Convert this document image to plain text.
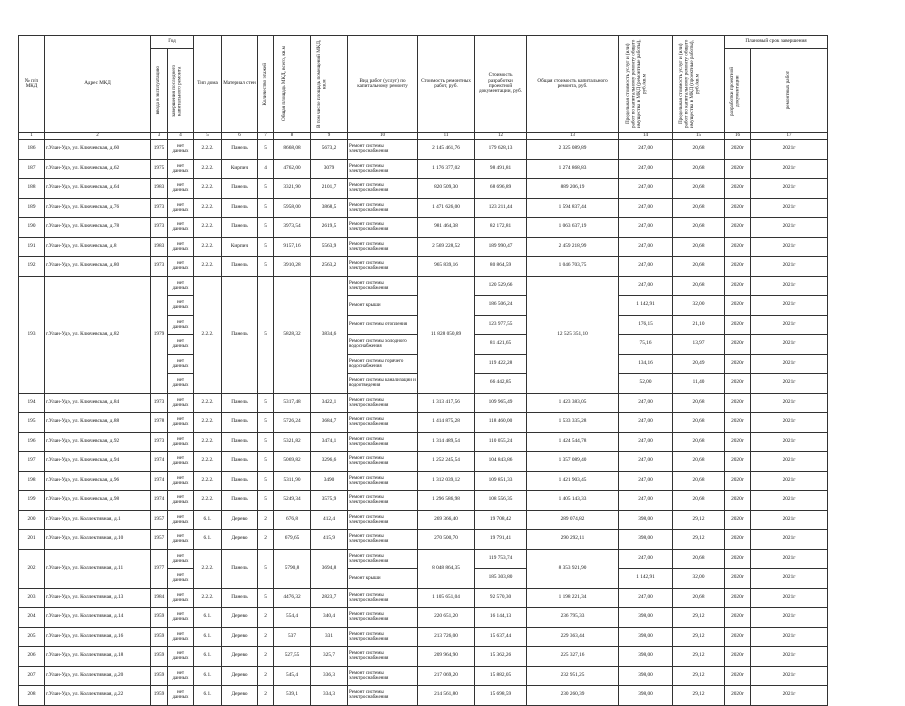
№ п/п МКД	Адрес МКД	Год		Тип дома	Материал стен	Количество этажей	Общая площадь МКД, всего, кв.м	В том числе площадь помещений МКД, кв.м	Вид работ (услуг) по капитальному ремонту	Стоимость ремонтных работ, руб.	Стоимость разработки проектной документации, руб.	Общая стоимость капитального ремонта, руб.	Предельная стоимость услуг и (или) работ по капитальному ремонту общего имущества в МКД (ремонтные работы), руб./кв.м	Предельная стоимость услуг и (или) работ по капитальному ремонту общего имущества в МКД (проектные работы), руб./кв.м	Плановый срок завершения	

		ввода в эксплуатацию	завершения последнего капитального ремонта												разработки проектной документации	ремонтных работ

1	2	3	4	5	6	7	8	9	10	11	12	13	14	15	16	17
186	г.Улан-Удэ, ул. Ключевская, д.60	1975	нет данных	2.2.2.	Панель	5	8668,08	5673,2	Ремонт системы электроснабжения	2 145 461,76	179 628,13	2 325 089,89	247,00	20,68	2020г	2021г
187	г.Улан-Удэ, ул. Ключевская, д.62	1975	нет данных	2.2.2.	Кирпич	4	4762,00	3079	Ремонт системы электроснабжения	1 176 377,02	98 491,81	1 274 868,83	247,00	20,68	2020г	2021г
188	г.Улан-Удэ, ул. Ключевская, д.64	1983	нет данных	2.2.2.	Панель	5	3321,90	2101,7	Ремонт системы электроснабжения	820 509,30	68 696,89	889 206,19	247,00	20,68	2020г	2021г
189	г.Улан-Удэ, ул. Ключевская, д.76	1973	нет данных	2.2.2.	Панель	5	5958,00	3868,5	Ремонт системы электроснабжения	1 471 626,00	123 211,44	1 594 837,44	247,00	20,68	2020г	2021г
190	г.Улан-Удэ, ул. Ключевская, д.78	1973	нет данных	2.2.2.	Панель	5	3973,54	2619,5	Ремонт системы электроснабжения	981 464,38	82 172,81	1 063 637,19	247,00	20,68	2020г	2021г
191	г.Улан-Удэ, ул. Ключевская, д.8	1983	нет данных	2.2.2.	Кирпич	5	9157,16	5563,9	Ремонт системы электроснабжения	2 569 228,52	189 990,47	2 459 218,99	247,00	20,68	2020г	2021г
192	г.Улан-Удэ, ул. Ключевская, д.80	1973	нет данных	2.2.2.	Панель	5	3910,28	2563,2	Ремонт системы электроснабжения	965 839,16	80 864,59	1 046 703,75	247,00	20,68	2020г	2021г
193	г.Улан-Удэ, ул. Ключевская, д.82	1979	нет данных	2.2.2.	Панель	5	5828,32	3834,6	Ремонт системы электроснабжения	11 828 050,89	120 529,66	12 525 351,10	247,00	20,68	2020г	2021г
			нет данных						Ремонт крыши		186 506,24		1 142,91	32,00	2020г	2021г
			нет данных						Ремонт системы отопления		123 977,55		176,15	21,10	2020г	2021г
			нет данных						Ремонт системы холодного водоснабжения		81 421,65		75,16	13,97	2020г	2021г
			нет данных						Ремонт системы горячего водоснабжения		119 422,28		134,16	20,49	2020г	2021г
			нет данных						Ремонт системы канализации и водоотведения		66 442,85		52,00	11,40	2020г	2021г
194	г.Улан-Удэ, ул. Ключевская, д.84	1973	нет данных	2.2.2.	Панель	5	5317,48	3422,1	Ремонт системы электроснабжения	1 313 417,56	109 965,49	1 423 383,05	247,00	20,68	2020г	2021г
195	г.Улан-Удэ, ул. Ключевская, д.88	1978	нет данных	2.2.2.	Панель	5	5726,24	3684,7	Ремонт системы электроснабжения	1 414 875,28	118 460,00	1 533 335,28	247,00	20,68	2020г	2021г
196	г.Улан-Удэ, ул. Ключевская, д.92	1973	нет данных	2.2.2.	Панель	5	5321,82	3474,1	Ремонт системы электроснабжения	1 314 489,54	110 055,24	1 424 544,78	247,00	20,68	2020г	2021г
197	г.Улан-Удэ, ул. Ключевская, д.94	1974	нет данных	2.2.2.	Панель	5	5069,82	3296,6	Ремонт системы электроснабжения	1 252 245,54	104 843,86	1 357 089,40	247,00	20,68	2020г	2021г
198	г.Улан-Удэ, ул. Ключевская, д.96	1974	нет данных	2.2.2.	Панель	5	5311,90	3490	Ремонт системы электроснабжения	1 312 039,12	109 851,33	1 421 903,45	247,00	20,68	2020г	2021г
199	г.Улан-Удэ, ул. Ключевская, д.98	1974	нет данных	2.2.2.	Панель	5	5249,34	3575,9	Ремонт системы электроснабжения	1 296 586,98	108 556,35	1 405 143,33	247,00	20,68	2020г	2021г
200	г.Улан-Удэ, ул. Коллективная, д.1	1957	нет данных	6.1.	Дерево	2	676,8	412,4	Ремонт системы электроснабжения	269 366,40	19 708,42	289 074,82	398,00	29,12	2020г	2021г
201	г.Улан-Удэ, ул. Коллективная, д.10	1957	нет данных	6.1.	Дерево	2	679,65	415,9	Ремонт системы электроснабжения	270 500,70	19 791,41	290 292,11	398,00	29,12	2020г	2021г
202	г.Улан-Удэ, ул. Коллективная, д.11	1977	нет данных	2.2.2.	Панель	5	5790,8	3694,8	Ремонт системы электроснабжения	8 048 864,35	119 753,74	8 353 921,90	247,00	20,68	2020г	2021г
			нет данных						Ремонт крыши		185 303,80		1 142,91	32,00	2020г	2021г
203	г.Улан-Удэ, ул. Коллективная, д.13	1984	нет данных	2.2.2.	Панель	5	4476,32	2823,7	Ремонт системы электроснабжения	1 105 651,04	92 570,30	1 198 221,34	247,00	20,68	2020г	2021г
204	г.Улан-Удэ, ул. Коллективная, д.14	1959	нет данных	6.1.	Дерево	2	554,4	340,4	Ремонт системы электроснабжения	220 651,20	16 144,13	236 795,33	398,00	29,12	2020г	2021г
205	г.Улан-Удэ, ул. Коллективная, д.16	1959	нет данных	6.1.	Дерево	2	537	331	Ремонт системы электроснабжения	213 726,00	15 637,44	229 363,44	398,00	29,12	2020г	2021г
206	г.Улан-Удэ, ул. Коллективная, д.18	1959	нет данных	6.1.	Дерево	2	527,55	325,7	Ремонт системы электроснабжения	209 964,90	15 362,26	225 327,16	398,00	29,12	2020г	2021г
207	г.Улан-Удэ, ул. Коллективная, д.20	1959	нет данных	6.1.	Дерево	2	545,4	336,3	Ремонт системы электроснабжения	217 069,20	15 882,05	232 951,25	398,00	29,12	2020г	2021г
208	г.Улан-Удэ, ул. Коллективная, д.22	1959	нет данных	6.1.	Дерево	2	539,1	334,3	Ремонт системы электроснабжения	214 561,80	15 698,59	230 260,39	398,00	29,12	2020г	2021г
